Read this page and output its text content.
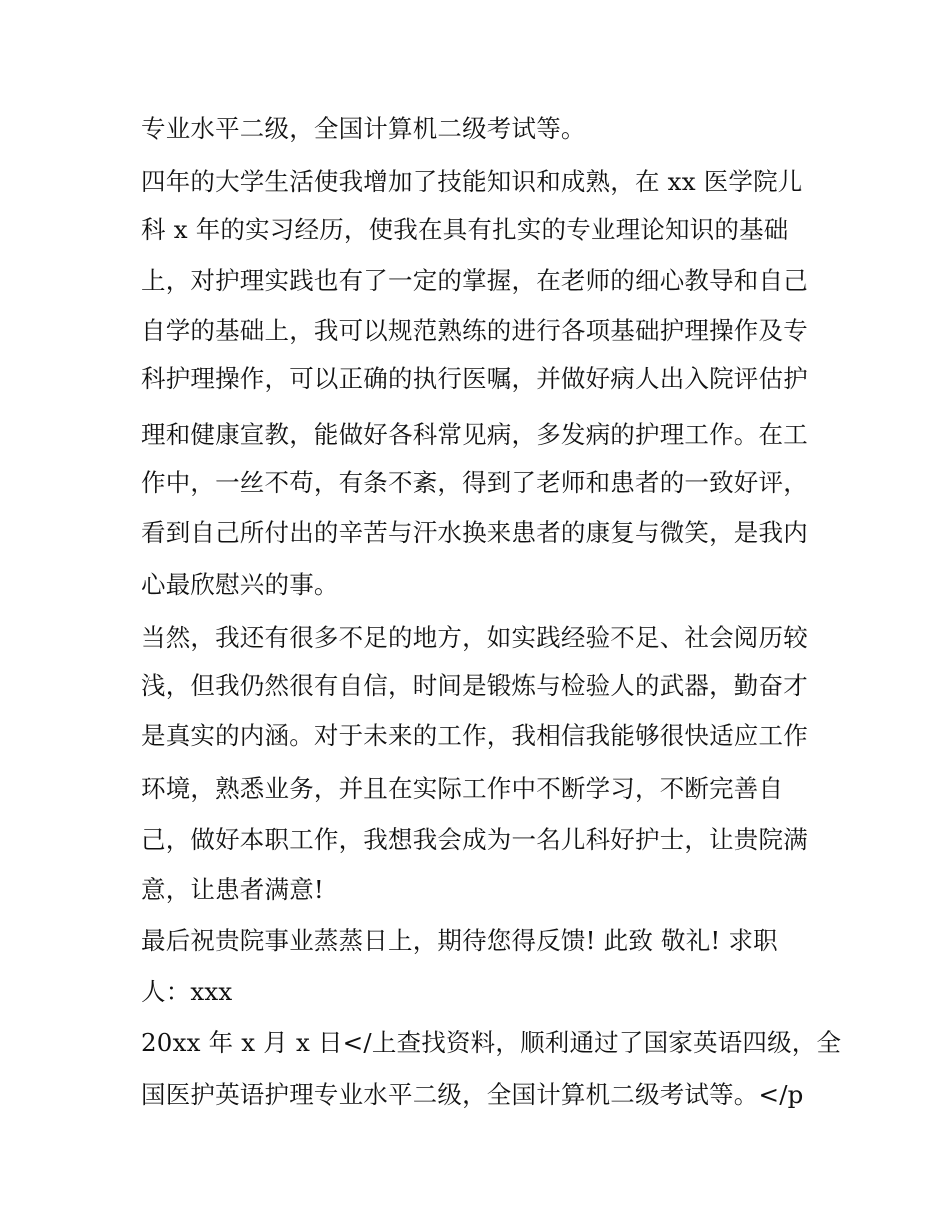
专业水平二级，全国计算机二级考试等。
四年的大学生活使我增加了技能知识和成熟，在 xx 医学院儿
科 x 年的实习经历，使我在具有扎实的专业理论知识的基础
上，对护理实践也有了一定的掌握，在老师的细心教导和自己
自学的基础上，我可以规范熟练的进行各项基础护理操作及专
科护理操作，可以正确的执行医嘱，并做好病人出入院评估护
理和健康宣教，能做好各科常见病，多发病的护理工作。在工
作中，一丝不苟，有条不紊，得到了老师和患者的一致好评，
看到自己所付出的辛苦与汗水换来患者的康复与微笑，是我内
心最欣慰兴的事。
当然，我还有很多不足的地方，如实践经验不足、社会阅历较
浅，但我仍然很有自信，时间是锻炼与检验人的武器，勤奋才
是真实的内涵。对于未来的工作，我相信我能够很快适应工作
环境，熟悉业务，并且在实际工作中不断学习，不断完善自
己，做好本职工作，我想我会成为一名儿科好护士，让贵院满
意，让患者满意!
最后祝贵院事业蒸蒸日上，期待您得反馈! 此致 敬礼! 求职
人：xxx
20xx 年 x 月 x 日</上查找资料，顺利通过了国家英语四级，全
国医护英语护理专业水平二级，全国计算机二级考试等。</p
